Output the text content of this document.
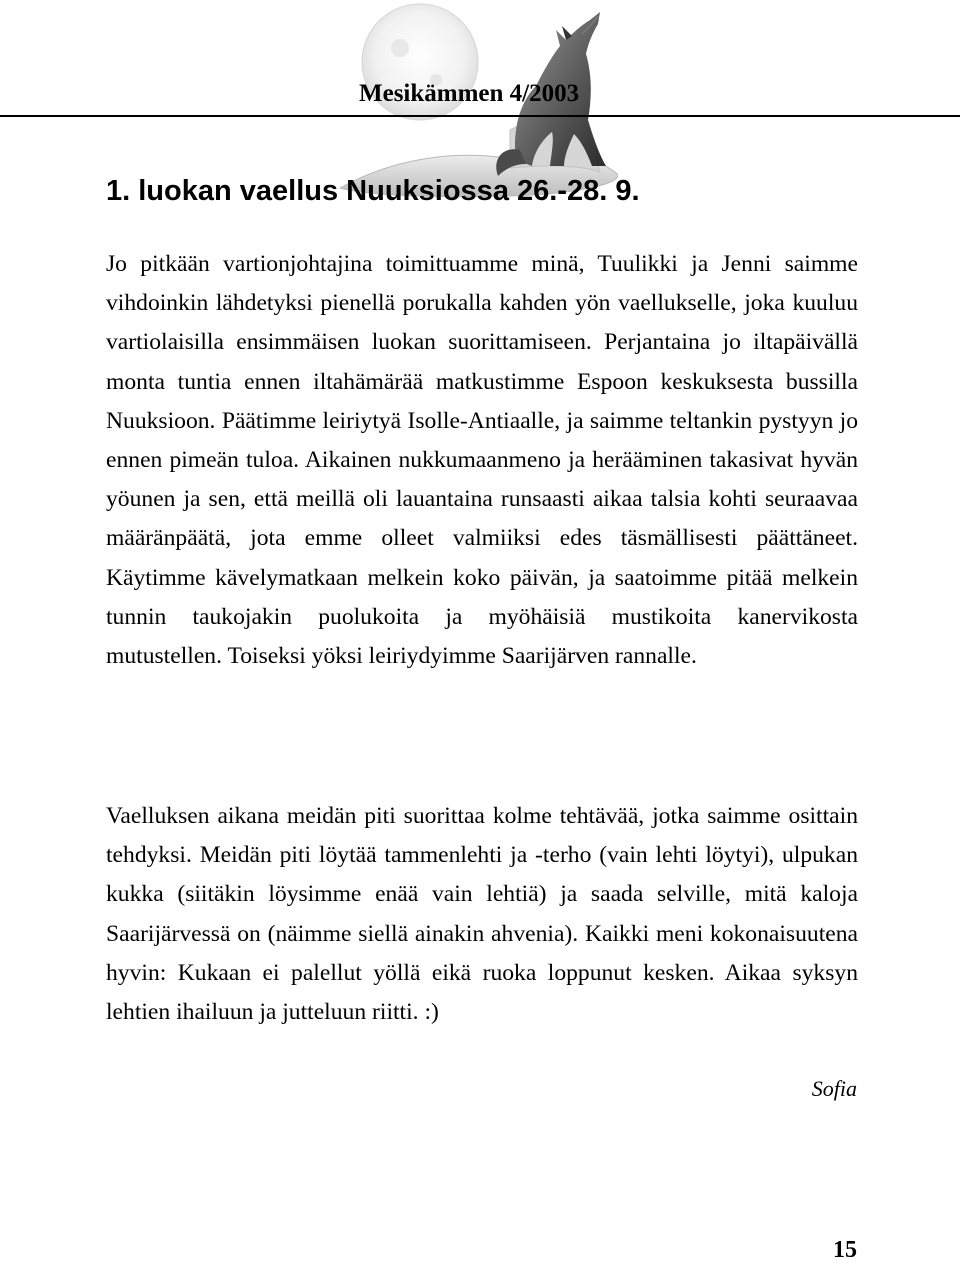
Mesikämmen 4/2003
1. luokan vaellus Nuuksiossa 26.-28. 9.

Jo pitkään vartionjohtajina toimittuamme minä, Tuulikki ja Jenni saimme vihdoinkin lähdetyksi pienellä porukalla kahden yön vaellukselle, joka kuuluu vartiolaisilla ensimmäisen luokan suorittamiseen. Perjantaina jo iltapäivällä monta tuntia ennen iltahämärää matkustimme Espoon keskuksesta bussilla Nuuksioon. Päätimme leiriytyä Isolle-Antiaalle, ja saimme teltankin pystyyn jo ennen pimeän tuloa. Aikainen nukkumaanmeno ja herääminen takasivat hyvän yöunen ja sen, että meillä oli lauantaina runsaasti aikaa talsia kohti seuraavaa määränpäätä, jota emme olleet valmiiksi edes täsmällisesti päättäneet. Käytimme kävelymatkaan melkein koko päivän, ja saatoimme pitää melkein tunnin taukojakin puolukoita ja myöhäisiä mustikoita kanervikosta mutustellen. Toiseksi yöksi leiriydyimme Saarijärven rannalle.

Vaelluksen aikana meidän piti suorittaa kolme tehtävää, jotka saimme osittain tehdyksi. Meidän piti löytää tammenlehti ja -terho (vain lehti löytyi), ulpukan kukka (siitäkin löysimme enää vain lehtiä) ja saada selville, mitä kaloja Saarijärvessä on (näimme siellä ainakin ahvenia). Kaikki meni kokonaisuutena hyvin: Kukaan ei palellut yöllä eikä ruoka loppunut kesken. Aikaa syksyn lehtien ihailuun ja jutteluun riitti. :)

Sofia
15
